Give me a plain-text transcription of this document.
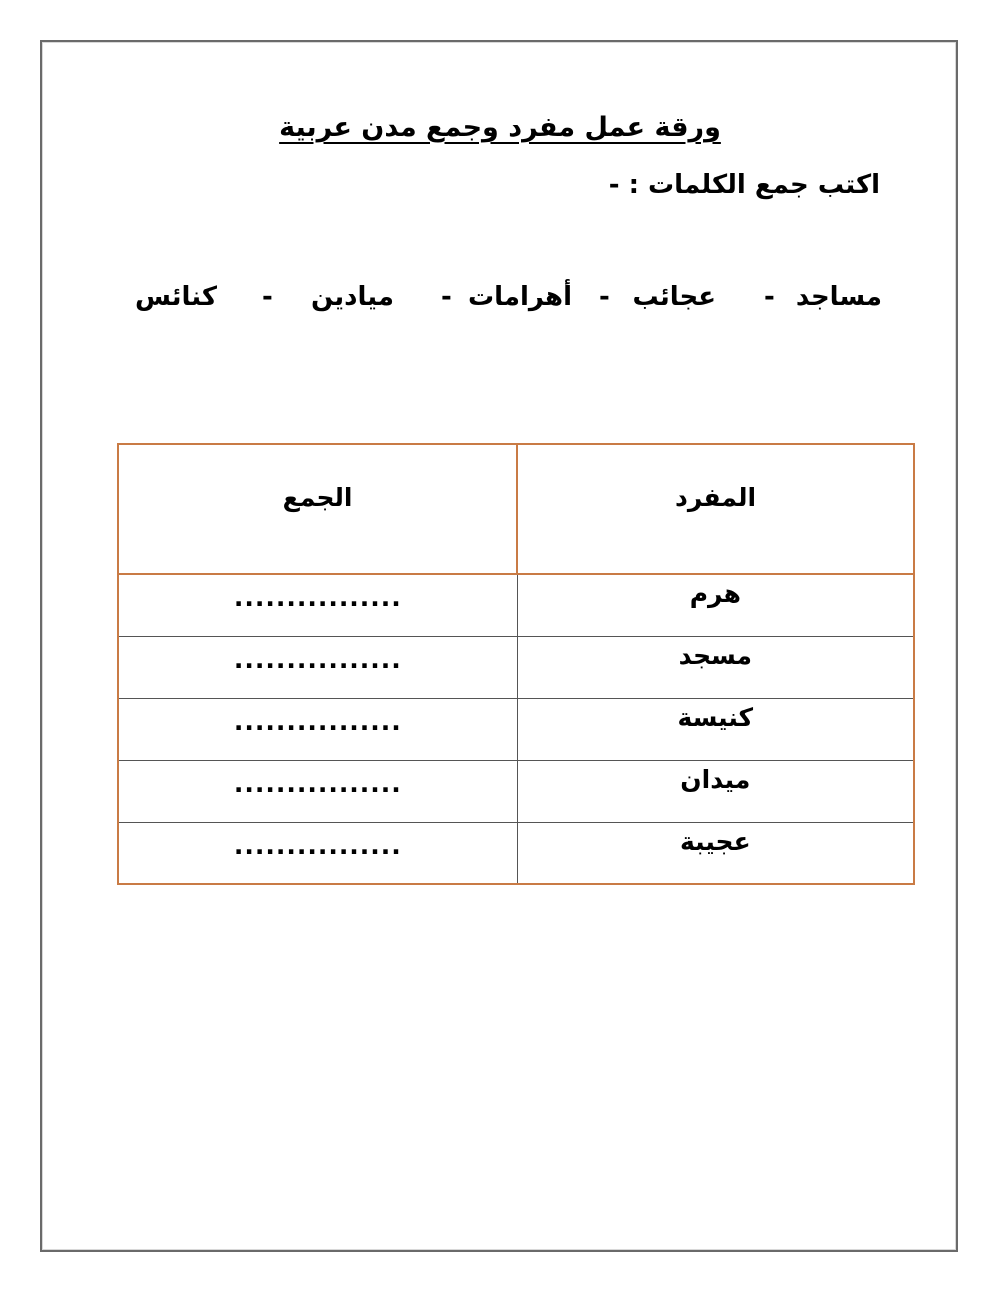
ورقة عمل مفرد وجمع مدن عربية
اكتب جمع الكلمات : -
مساجد
-
عجائب
-
أهرامات
-
ميادين
-
كنائس
المفرد	الجمع
هرم	................
مسجد	................
كنيسة	................
ميدان	................
عجيبة	................
